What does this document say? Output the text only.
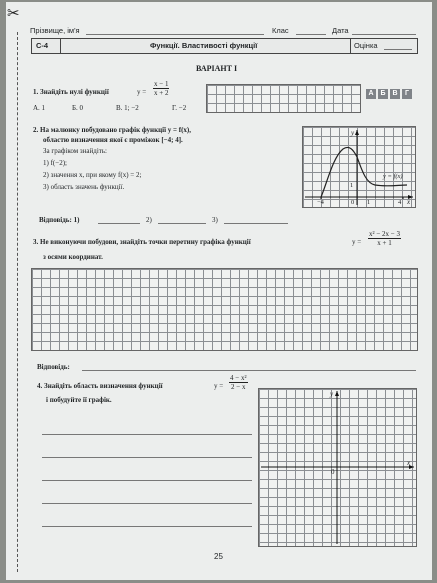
✂
Прізвище, ім'я	Клас	Дата
С-4	Функції. Властивості функції	Оцінка
ВАРІАНТ І
1. Знайдіть нулі функції	$y = \frac{x - 1}{x + 2}$
А. 1	Б. 0	В. 1; −2	Г. −2
А Б В	Г
2. На малюнку побудовано графік функції y = f(x),
областю визначення якої є проміжок [−4; 4].
За графіком знайдіть:
1) f(−2);
2) значення x, при якому f(x) = 2;
3) область значень функції.
y
x
y = f(x)
−4	0 1	4
1
Відповідь: 1)	2)	3)
3. Не виконуючи побудови, знайдіть точки перетину графіка функції	$y = \frac{\text{x² − 2x − 3}}{x + 1}$
з осями координат.
Відповідь:
4. Знайдіть область визначення функції	$y = \frac{\text{4 − x²}}{2 - x}$
і побудуйте її графік.
y
x
0
25
